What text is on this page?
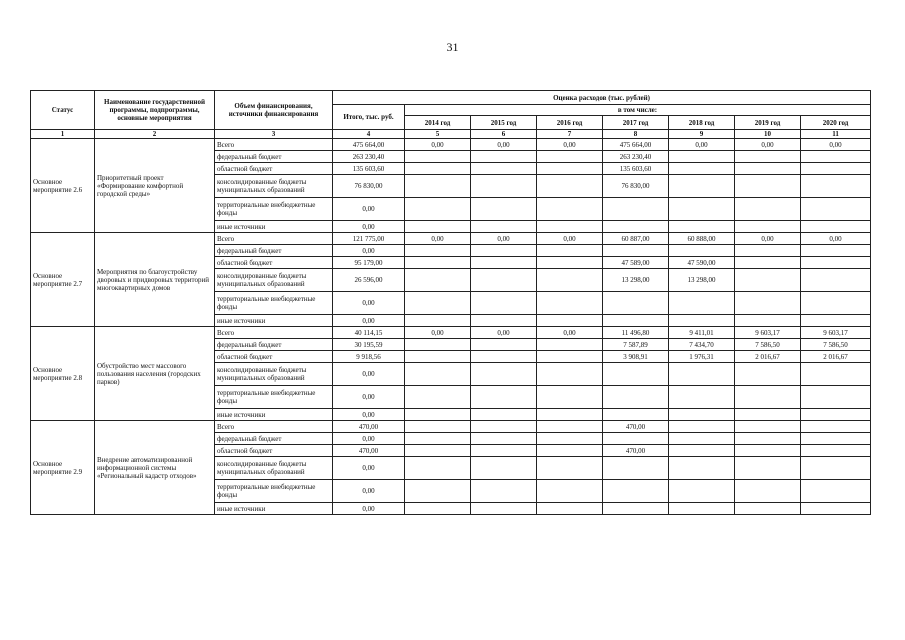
31
Статус	Наименование государственной программы, подпрограммы, основные мероприятия	Объем финансирования, источники финансирования	Оценка расходов (тыс. рублей)							
			Итого, тыс. руб.	в том числе:						
				2014 год	2015 год	2016 год	2017 год	2018 год	2019 год	2020 год
1	2	3	4	5	6	7	8	9	10	11
Основное мероприятие 2.6	Приоритетный проект «Формирование комфортной городской среды»	Всего	475 664,00	0,00	0,00	0,00	475 664,00	0,00	0,00	0,00
		федеральный бюджет	263 230,40				263 230,40			
		областной бюджет	135 603,60				135 603,60			
		консолидированные бюджеты муниципальных образований	76 830,00				76 830,00			
		территориальные внебюджетные фонды	0,00							
		иные источники	0,00							
Основное мероприятие 2.7	Мероприятия по благоустройству дворовых и придворовых территорий многоквартирных домов	Всего	121 775,00	0,00	0,00	0,00	60 887,00	60 888,00	0,00	0,00
		федеральный бюджет	0,00							
		областной бюджет	95 179,00				47 589,00	47 590,00		
		консолидированные бюджеты муниципальных образований	26 596,00				13 298,00	13 298,00		
		территориальные внебюджетные фонды	0,00							
		иные источники	0,00							
Основное мероприятие 2.8	Обустройство мест массового пользования населения (городских парков)	Всего	40 114,15	0,00	0,00	0,00	11 496,80	9 411,01	9 603,17	9 603,17
		федеральный бюджет	30 195,59				7 587,89	7 434,70	7 586,50	7 586,50
		областной бюджет	9 918,56				3 908,91	1 976,31	2 016,67	2 016,67
		консолидированные бюджеты муниципальных образований	0,00							
		территориальные внебюджетные фонды	0,00							
		иные источники	0,00							
Основное мероприятие 2.9	Внедрение автоматизированной информационной системы «Региональный кадастр отходов»	Всего	470,00				470,00			
		федеральный бюджет	0,00							
		областной бюджет	470,00				470,00			
		консолидированные бюджеты муниципальных образований	0,00							
		территориальные внебюджетные фонды	0,00							
		иные источники	0,00							
